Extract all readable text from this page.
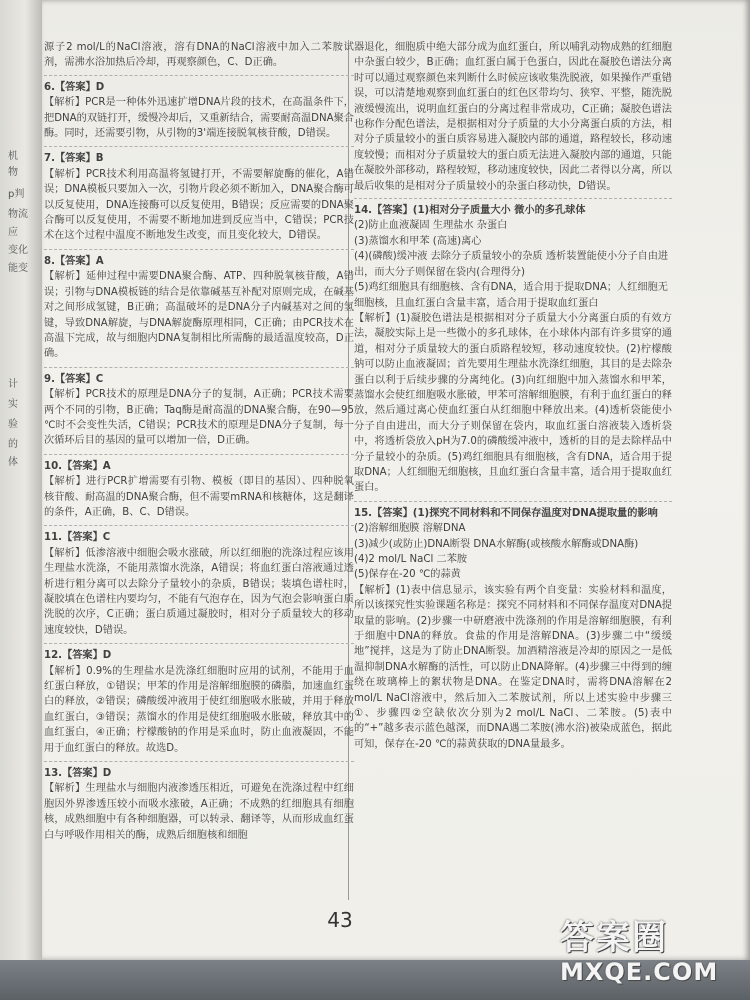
机
物
p判
物流
应
变化
能变
计
实
验
的
体

源子2 mol/L的NaCl溶液，溶有DNA的NaCl溶液中加入二苯胺试剂，需沸水浴加热后冷却，再观察颜色，C、D正确。

6.【答案】D

【解析】PCR是一种体外迅速扩增DNA片段的技术，在高温条件下，把DNA的双链打开，缓慢冷却后，又重新结合，需要耐高温DNA聚合酶。同时，还需要引物，从引物的3'端连接脱氧核苷酸，D错误。

7.【答案】B

【解析】PCR技术利用高温将氢键打开，不需要解旋酶的催化，A错误；DNA模板只要加入一次，引物片段必须不断加入，DNA聚合酶可以反复使用，DNA连接酶可以反复使用，B错误；反应需要的DNA聚合酶可以反复使用，不需要不断地加进到反应当中，C错误；PCR技术在这个过程中温度不断地发生改变，而且变化较大，D错误。

8.【答案】A

【解析】延伸过程中需要DNA聚合酶、ATP、四种脱氧核苷酸，A错误；引物与DNA模板链的结合是依靠碱基互补配对原则完成，在碱基对之间形成氢键，B正确；高温破坏的是DNA分子内碱基对之间的氢键，导致DNA解旋，与DNA解旋酶原理相同，C正确；由PCR技术在高温下完成，故与细胞内DNA复制相比所需酶的最适温度较高，D正确。

9.【答案】C

【解析】PCR技术的原理是DNA分子的复制，A正确；PCR技术需要两个不同的引物，B正确；Taq酶是耐高温的DNA聚合酶，在90—95 ℃时不会变性失活，C错误；PCR技术的原理是DNA分子复制，每一次循环后目的基因的量可以增加一倍，D正确。

10.【答案】A

【解析】进行PCR扩增需要有引物、模板（即目的基因）、四种脱氧核苷酸、耐高温的DNA聚合酶，但不需要mRNA和核糖体，这是翻译的条件，A正确，B、C、D错误。

11.【答案】C

【解析】低渗溶液中细胞会吸水涨破，所以红细胞的洗涤过程应该用生理盐水洗涤，不能用蒸馏水洗涤，A错误；将血红蛋白溶液通过透析进行粗分离可以去除分子量较小的杂质，B错误；装填色谱柱时，凝胶填在色谱柱内要均匀，不能有气泡存在，因为气泡会影响蛋白质洗脱的次序，C正确；蛋白质通过凝胶时，相对分子质量较大的移动速度较快，D错误。

12.【答案】D

【解析】0.9%的生理盐水是洗涤红细胞时应用的试剂，不能用于血红蛋白释放，①错误；甲苯的作用是溶解细胞膜的磷脂，加速血红蛋白的释放，②错误；磷酸缓冲液用于使红细胞吸水胀破，并用于释放血红蛋白，③错误；蒸馏水的作用是使红细胞吸水胀破，释放其中的血红蛋白，④正确；柠檬酸钠的作用是采血时，防止血液凝固，不能用于血红蛋白的释放。故选D。

13.【答案】D

【解析】生理盐水与细胞内液渗透压相近，可避免在洗涤过程中红细胞因外界渗透压较小而吸水涨破，A正确；不成熟的红细胞具有细胞核，成熟细胞中有各种细胞器，可以转录、翻译等，从而形成血红蛋白与呼吸作用相关的酶，成熟后细胞核和细胞

器退化，细胞质中绝大部分成为血红蛋白，所以哺乳动物成熟的红细胞中杂蛋白较少，B正确；血红蛋白属于色蛋白，因此在凝胶色谱法分离时可以通过观察颜色来判断什么时候应该收集洗脱液，如果操作严重错误，可以清楚地观察到血红蛋白的红色区带均匀、狭窄、平整，随洗脱液缓慢流出，说明血红蛋白的分离过程非常成功，C正确；凝胶色谱法也称作分配色谱法，是根据相对分子质量的大小分离蛋白质的方法，相对分子质量较小的蛋白质容易进入凝胶内部的通道，路程较长，移动速度较慢；而相对分子质量较大的蛋白质无法进入凝胶内部的通道，只能在凝胶外部移动，路程较短，移动速度较快，因此二者得以分离，所以最后收集的是相对分子质量较小的杂蛋白移动快，D错误。

14.【答案】(1)相对分子质量大小 微小的多孔球体

(2)防止血液凝固 生理盐水 杂蛋白

(3)蒸馏水和甲苯 (高速)离心

(4)(磷酸)缓冲液 去除分子质量较小的杂质 透析装置能使小分子自由进出，而大分子则保留在袋内(合理得分)

(5)鸡红细胞具有细胞核、含有DNA，适合用于提取DNA；人红细胞无细胞核，且血红蛋白含量丰富，适合用于提取血红蛋白

【解析】(1)凝胶色谱法是根据相对分子质量大小分离蛋白质的有效方法，凝胶实际上是一些微小的多孔球体，在小球体内部有许多贯穿的通道，相对分子质量较大的蛋白质路程较短，移动速度较快。(2)柠檬酸钠可以防止血液凝固；首先要用生理盐水洗涤红细胞，其目的是去除杂蛋白以利于后续步骤的分离纯化。(3)向红细胞中加入蒸馏水和甲苯，蒸馏水会使红细胞吸水胀破，甲苯可溶解细胞膜，有利于血红蛋白的释放，然后通过离心使血红蛋白从红细胞中释放出来。(4)透析袋能使小分子自由进出，而大分子则保留在袋内，取血红蛋白溶液装入透析袋中，将透析袋放入pH为7.0的磷酸缓冲液中，透析的目的是去除样品中分子量较小的杂质。(5)鸡红细胞具有细胞核，含有DNA，适合用于提取DNA；人红细胞无细胞核，且血红蛋白含量丰富，适合用于提取血红蛋白。

15.【答案】(1)探究不同材料和不同保存温度对DNA提取量的影响

(2)溶解细胞膜 溶解DNA

(3)减少(或防止)DNA断裂 DNA水解酶(或核酸水解酶或DNA酶)

(4)2 mol/L NaCl 二苯胺

(5)保存在-20 ℃的蒜黄

【解析】(1)表中信息显示，该实验有两个自变量：实验材料和温度，所以该探究性实验课题名称是：探究不同材料和不同保存温度对DNA提取量的影响。(2)步骤一中研磨液中洗涤剂的作用是溶解细胞膜，有利于细胞中DNA的释放。食盐的作用是溶解DNA。(3)步骤二中“缓缓地”搅拌，这是为了防止DNA断裂。加酒精溶液是冷却的原因之一是低温抑制DNA水解酶的活性，可以防止DNA降解。(4)步骤三中得到的缠绕在玻璃棒上的絮状物是DNA。在鉴定DNA时，需将DNA溶解在2 mol/L NaCl溶液中，然后加入二苯胺试剂，所以上述实验中步骤三①、步骤四②空缺依次分别为2 mol/L NaCl、二苯胺。(5)表中的“+”越多表示蓝色越深，而DNA遇二苯胺(沸水浴)被染成蓝色，据此可知，保存在-20 ℃的蒜黄获取的DNA量最多。

43	答案圈
MXQE.COM
